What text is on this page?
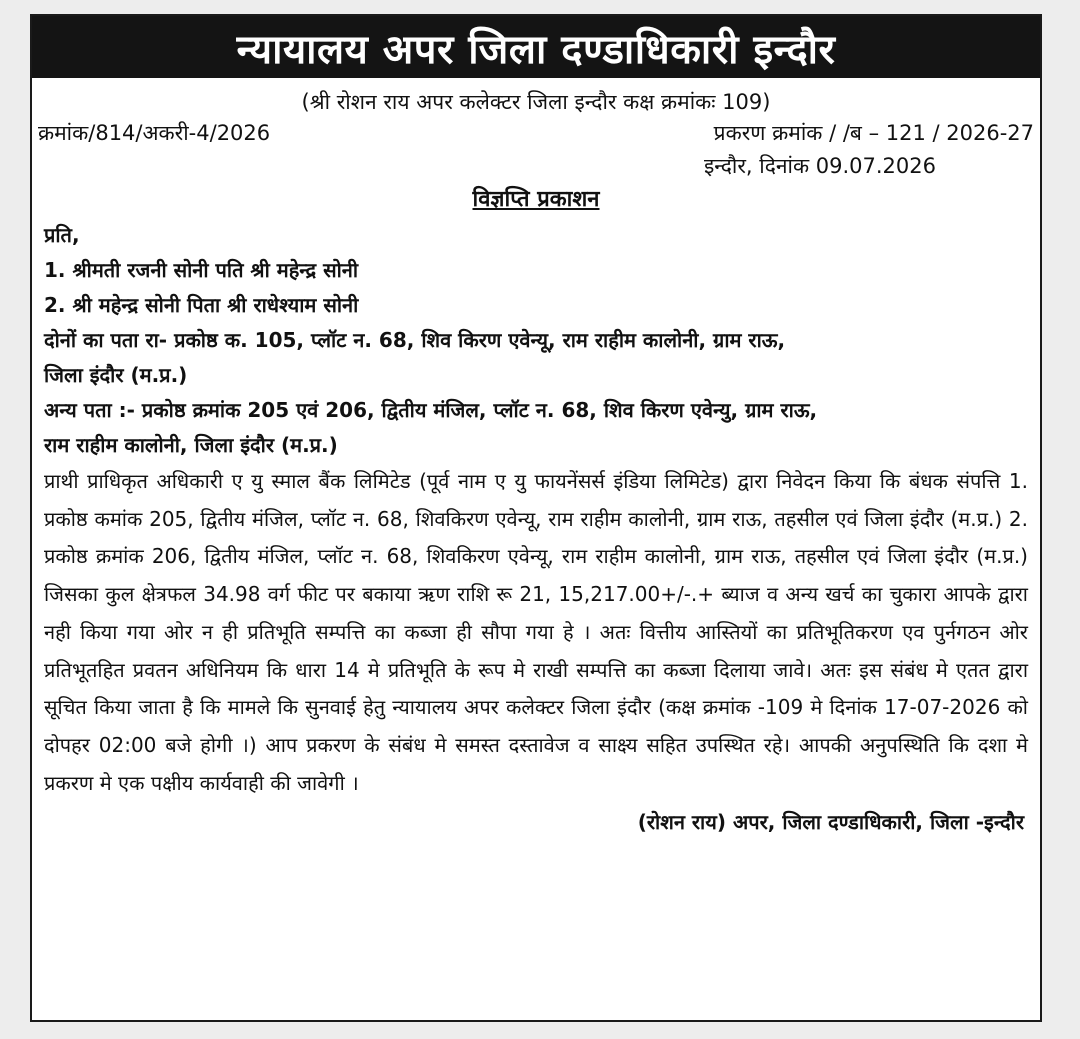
न्यायालय अपर जिला दण्डाधिकारी इन्दौर
(श्री रोशन राय अपर कलेक्टर जिला इन्दौर कक्ष क्रमांकः 109)
क्रमांक/814/अकरी-4/2026	प्रकरण क्रमांक / /ब – 121 / 2026-27
इन्दौर, दिनांक 09.07.2026
विज्ञप्ति प्रकाशन
प्रति,
1. श्रीमती रजनी सोनी पति श्री महेन्द्र सोनी
2. श्री महेन्द्र सोनी पिता श्री राधेश्याम सोनी
दोनों का पता रा- प्रकोष्ठ क. 105, प्लॉट न. 68, शिव किरण एवेन्यू, राम राहीम कालोनी, ग्राम राऊ,
जिला इंदौर (म.प्र.)
अन्य पता :- प्रकोष्ठ क्रमांक 205 एवं 206, द्वितीय मंजिल, प्लॉट न. 68, शिव किरण एवेन्यु, ग्राम राऊ,
राम राहीम कालोनी, जिला इंदौर (म.प्र.)
प्राथी प्राधिकृत अधिकारी ए यु स्माल बैंक लिमिटेड (पूर्व नाम ए यु फायनेंसर्स इंडिया लिमिटेड) द्वारा निवेदन किया कि बंधक संपत्ति 1. प्रकोष्ठ कमांक 205, द्वितीय मंजिल, प्लॉट न. 68, शिवकिरण एवेन्यू, राम राहीम कालोनी, ग्राम राऊ, तहसील एवं जिला इंदौर (म.प्र.) 2. प्रकोष्ठ क्रमांक 206, द्वितीय मंजिल, प्लॉट न. 68, शिवकिरण एवेन्यू, राम राहीम कालोनी, ग्राम राऊ, तहसील एवं जिला इंदौर (म.प्र.) जिसका कुल क्षेत्रफल 34.98 वर्ग फीट पर बकाया ऋण राशि रू 21, 15,217.00+/-.+ ब्याज व अन्य खर्च का चुकारा आपके द्वारा नही किया गया ओर न ही प्रतिभूति सम्पत्ति का कब्जा ही सौपा गया हे । अतः वित्तीय आस्तियों का प्रतिभूतिकरण एव पुर्नगठन ओर प्रतिभूतहित प्रवतन अधिनियम कि धारा 14 मे प्रतिभूति के रूप मे राखी सम्पत्ति का कब्जा दिलाया जावे। अतः इस संबंध मे एतत द्वारा सूचित किया जाता है कि मामले कि सुनवाई हेतु न्यायालय अपर कलेक्टर जिला इंदौर (कक्ष क्रमांक -109 मे दिनांक 17-07-2026 को दोपहर 02:00 बजे होगी ।) आप प्रकरण के संबंध मे समस्त दस्तावेज व साक्ष्य सहित उपस्थित रहे। आपकी अनुपस्थिति कि दशा मे प्रकरण मे एक पक्षीय कार्यवाही की जावेगी ।
(रोशन राय) अपर, जिला दण्डाधिकारी, जिला -इन्दौर
